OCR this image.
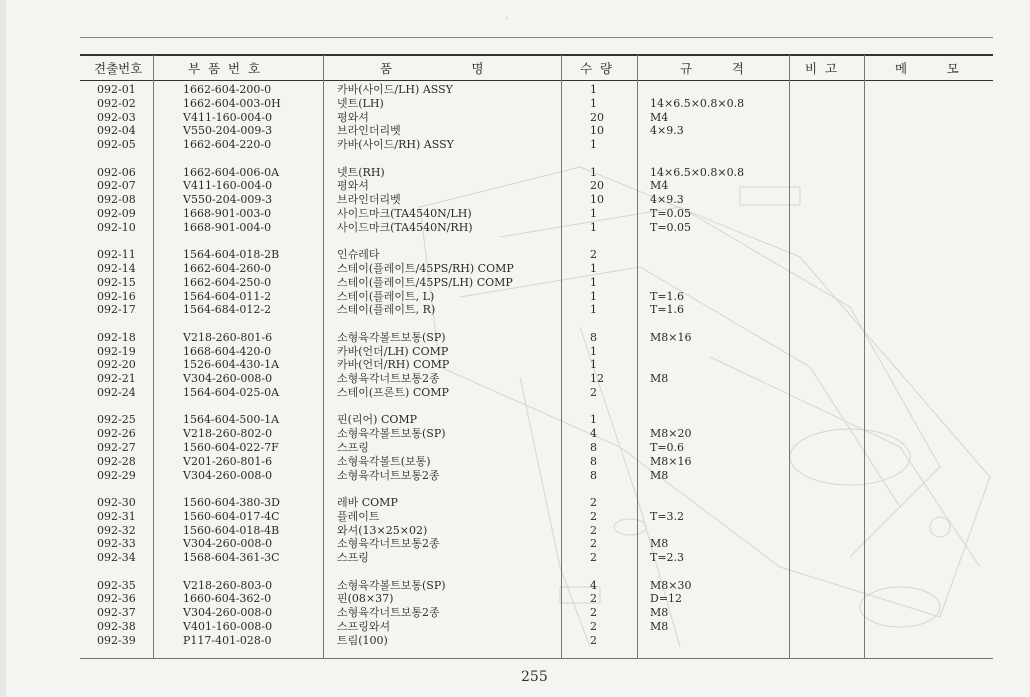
견출번호	부  품  번  호	품                    명	수  량	규          격	비  고	메          모
092-01	1662-604-200-0	카바(사이드/LH) ASSY	1
092-02	1662-604-003-0H	넷트(LH)	1	14×6.5×0.8×0.8
092-03	V411-160-004-0	평와셔	20	M4
092-04	V550-204-009-3	브라인더리벳	10	4×9.3
092-05	1662-604-220-0	카바(사이드/RH) ASSY	1
092-06	1662-604-006-0A	넷트(RH)	1	14×6.5×0.8×0.8
092-07	V411-160-004-0	평와셔	20	M4
092-08	V550-204-009-3	브라인더리벳	10	4×9.3
092-09	1668-901-003-0	사이드마크(TA4540N/LH)	1	T=0.05
092-10	1668-901-004-0	사이드마크(TA4540N/RH)	1	T=0.05
092-11	1564-604-018-2B	인슈레타	2
092-14	1662-604-260-0	스테이(플레이트/45PS/RH) COMP	1
092-15	1662-604-250-0	스테이(플레이트/45PS/LH) COMP	1
092-16	1564-604-011-2	스테이(플레이트, L)	1	T=1.6
092-17	1564-684-012-2	스테이(플레이트, R)	1	T=1.6
092-18	V218-260-801-6	소형육각볼트보통(SP)	8	M8×16
092-19	1668-604-420-0	카바(언더/LH) COMP	1
092-20	1526-604-430-1A	카바(언더/RH) COMP	1
092-21	V304-260-008-0	소형육각너트보통2종	12	M8
092-24	1564-604-025-0A	스테이(프론트) COMP	2
092-25	1564-604-500-1A	핀(리어) COMP	1
092-26	V218-260-802-0	소형육각볼트보통(SP)	4	M8×20
092-27	1560-604-022-7F	스프링	8	T=0.6
092-28	V201-260-801-6	소형육각볼트(보통)	8	M8×16
092-29	V304-260-008-0	소형육각너트보통2종	8	M8
092-30	1560-604-380-3D	레바 COMP	2
092-31	1560-604-017-4C	플레이트	2	T=3.2
092-32	1560-604-018-4B	와셔(13×25×02)	2
092-33	V304-260-008-0	소형육각너트보통2종	2	M8
092-34	1568-604-361-3C	스프링	2	T=2.3
092-35	V218-260-803-0	소형육각볼트보통(SP)	4	M8×30
092-36	1660-604-362-0	핀(08×37)	2	D=12
092-37	V304-260-008-0	소형육각너트보통2종	2	M8
092-38	V401-160-008-0	스프링와셔	2	M8
092-39	P117-401-028-0	트림(100)	2
'
255
